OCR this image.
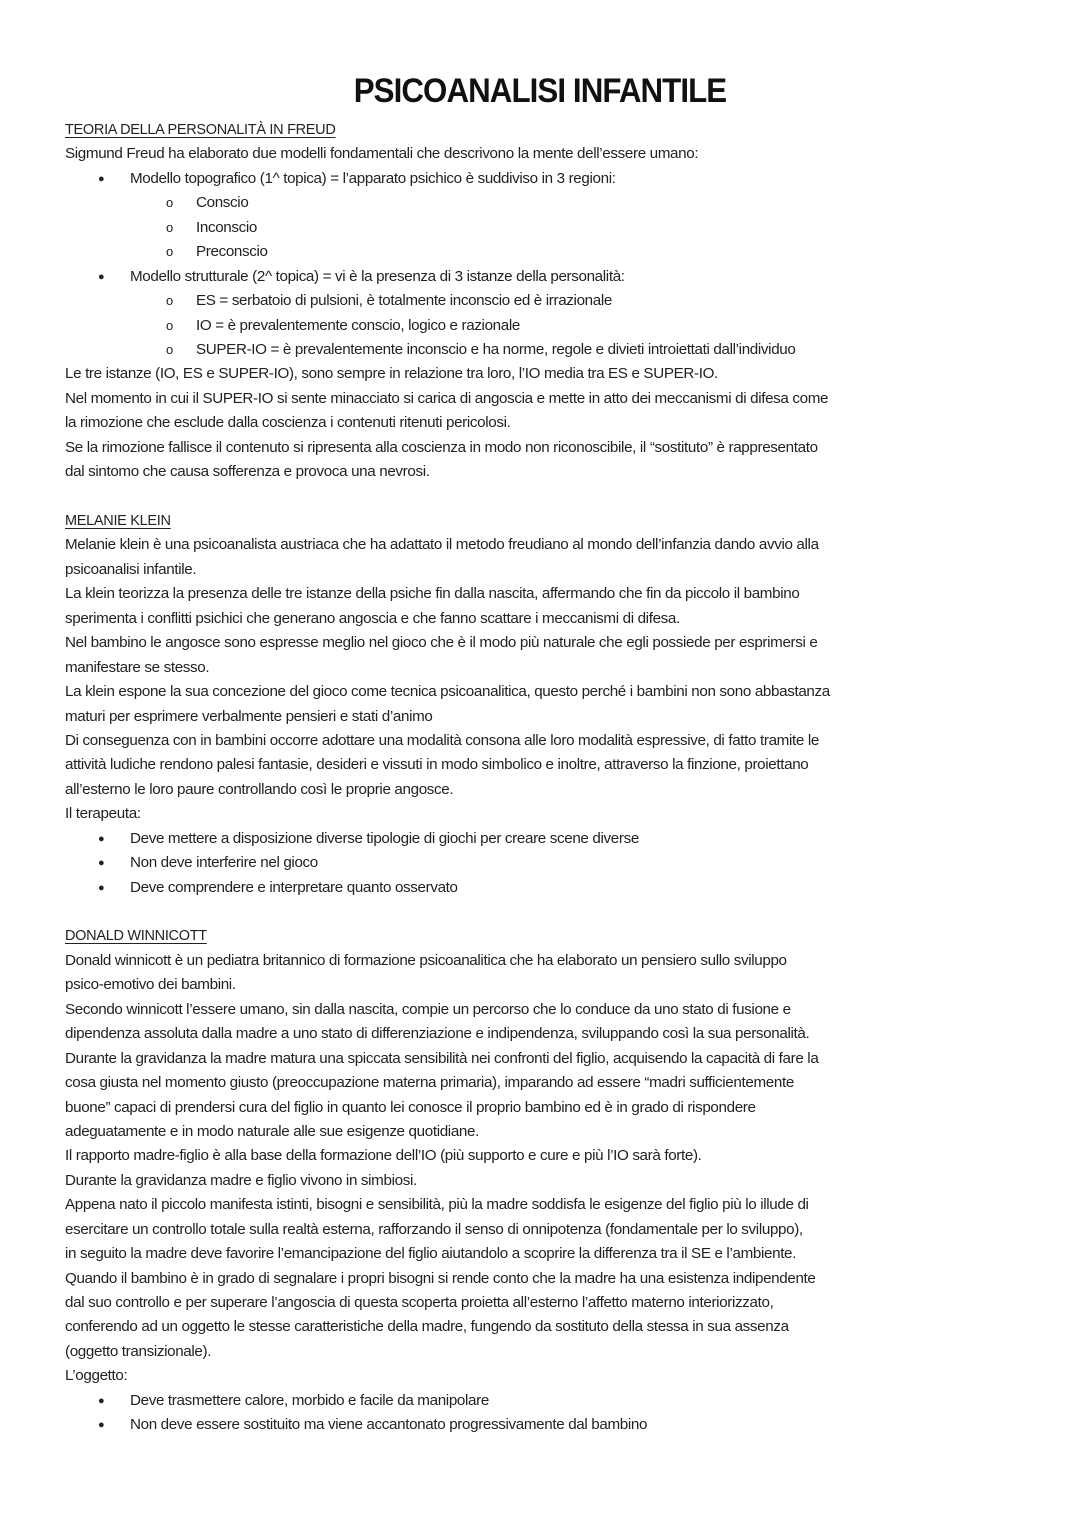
PSICOANALISI INFANTILE
TEORIA DELLA PERSONALITÀ IN FREUD
Sigmund Freud ha elaborato due modelli fondamentali che descrivono la mente dell’essere umano:
● Modello topografico (1^ topica) = l’apparato psichico è suddiviso in 3 regioni:
o Conscio
o Inconscio
o Preconscio
● Modello strutturale (2^ topica) = vi è la presenza di 3 istanze della personalità:
o ES = serbatoio di pulsioni, è totalmente inconscio ed è irrazionale
o IO = è prevalentemente conscio, logico e razionale
o SUPER-IO = è prevalentemente inconscio e ha norme, regole e divieti introiettati dall’individuo
Le tre istanze (IO, ES e SUPER-IO), sono sempre in relazione tra loro, l’IO media tra ES e SUPER-IO.
Nel momento in cui il SUPER-IO si sente minacciato si carica di angoscia e mette in atto dei meccanismi di difesa come
la rimozione che esclude dalla coscienza i contenuti ritenuti pericolosi.
Se la rimozione fallisce il contenuto si ripresenta alla coscienza in modo non riconoscibile, il “sostituto” è rappresentato
dal sintomo che causa sofferenza e provoca una nevrosi.
MELANIE KLEIN
Melanie klein è una psicoanalista austriaca che ha adattato il metodo freudiano al mondo dell’infanzia dando avvio alla
psicoanalisi infantile.
La klein teorizza la presenza delle tre istanze della psiche fin dalla nascita, affermando che fin da piccolo il bambino
sperimenta i conflitti psichici che generano angoscia e che fanno scattare i meccanismi di difesa.
Nel bambino le angosce sono espresse meglio nel gioco che è il modo più naturale che egli possiede per esprimersi e
manifestare se stesso.
La klein espone la sua concezione del gioco come tecnica psicoanalitica, questo perché i bambini non sono abbastanza
maturi per esprimere verbalmente pensieri e stati d’animo
Di conseguenza con in bambini occorre adottare una modalità consona alle loro modalità espressive, di fatto tramite le
attività ludiche rendono palesi fantasie, desideri e vissuti in modo simbolico e inoltre, attraverso la finzione, proiettano
all’esterno le loro paure controllando così le proprie angosce.
Il terapeuta:
● Deve mettere a disposizione diverse tipologie di giochi per creare scene diverse
● Non deve interferire nel gioco
● Deve comprendere e interpretare quanto osservato
DONALD WINNICOTT
Donald winnicott è un pediatra britannico di formazione psicoanalitica che ha elaborato un pensiero sullo sviluppo
psico-emotivo dei bambini.
Secondo winnicott l’essere umano, sin dalla nascita, compie un percorso che lo conduce da uno stato di fusione e
dipendenza assoluta dalla madre a uno stato di differenziazione e indipendenza, sviluppando così la sua personalità.
Durante la gravidanza la madre matura una spiccata sensibilità nei confronti del figlio, acquisendo la capacità di fare la
cosa giusta nel momento giusto (preoccupazione materna primaria), imparando ad essere “madri sufficientemente
buone” capaci di prendersi cura del figlio in quanto lei conosce il proprio bambino ed è in grado di rispondere
adeguatamente e in modo naturale alle sue esigenze quotidiane.
Il rapporto madre-figlio è alla base della formazione dell’IO (più supporto e cure e più l’IO sarà forte).
Durante la gravidanza madre e figlio vivono in simbiosi.
Appena nato il piccolo manifesta istinti, bisogni e sensibilità, più la madre soddisfa le esigenze del figlio più lo illude di
esercitare un controllo totale sulla realtà esterna, rafforzando il senso di onnipotenza (fondamentale per lo sviluppo),
in seguito la madre deve favorire l’emancipazione del figlio aiutandolo a scoprire la differenza tra il SE e l’ambiente.
Quando il bambino è in grado di segnalare i propri bisogni si rende conto che la madre ha una esistenza indipendente
dal suo controllo e per superare l’angoscia di questa scoperta proietta all’esterno l’affetto materno interiorizzato,
conferendo ad un oggetto le stesse caratteristiche della madre, fungendo da sostituto della stessa in sua assenza
(oggetto transizionale).
L’oggetto:
● Deve trasmettere calore, morbido e facile da manipolare
● Non deve essere sostituito ma viene accantonato progressivamente dal bambino
